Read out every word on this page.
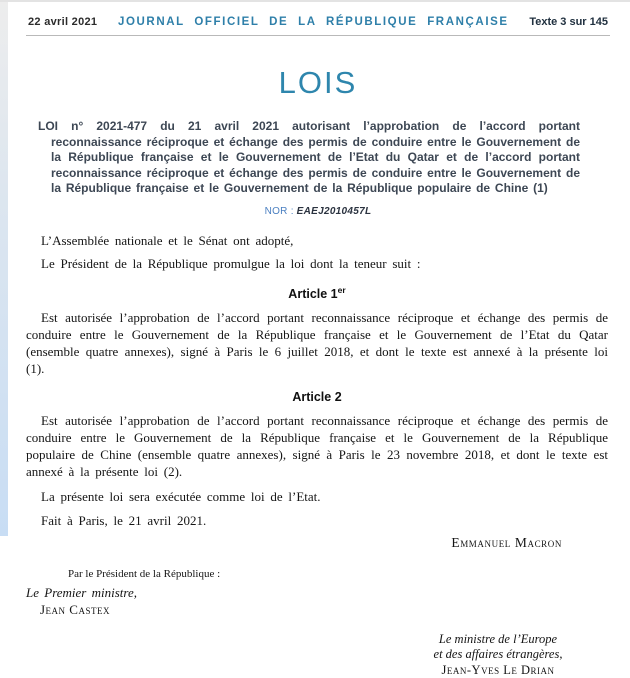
22 avril 2021 JOURNAL OFFICIEL DE LA RÉPUBLIQUE FRANÇAISE Texte 3 sur 145
LOIS
LOI n° 2021-477 du 21 avril 2021 autorisant l’approbation de l’accord portant reconnaissance réciproque et échange des permis de conduire entre le Gouvernement de la République française et le Gouvernement de l’Etat du Qatar et de l’accord portant reconnaissance réciproque et échange des permis de conduire entre le Gouvernement de la République française et le Gouvernement de la République populaire de Chine (1)
NOR : EAEJ2010457L

L’Assemblée nationale et le Sénat ont adopté,

Le Président de la République promulgue la loi dont la teneur suit :

Article 1er

Est autorisée l’approbation de l’accord portant reconnaissance réciproque et échange des permis de conduire entre le Gouvernement de la République française et le Gouvernement de l’Etat du Qatar (ensemble quatre annexes), signé à Paris le 6 juillet 2018, et dont le texte est annexé à la présente loi (1).

Article 2

Est autorisée l’approbation de l’accord portant reconnaissance réciproque et échange des permis de conduire entre le Gouvernement de la République française et le Gouvernement de la République populaire de Chine (ensemble quatre annexes), signé à Paris le 23 novembre 2018, et dont le texte est annexé à la présente loi (2).

La présente loi sera exécutée comme loi de l’Etat.

Fait à Paris, le 21 avril 2021.

Emmanuel Macron
Par le Président de la République :
Le Premier ministre,
Jean Castex
Le ministre de l’Europe
et des affaires étrangères,
Jean-Yves Le Drian
